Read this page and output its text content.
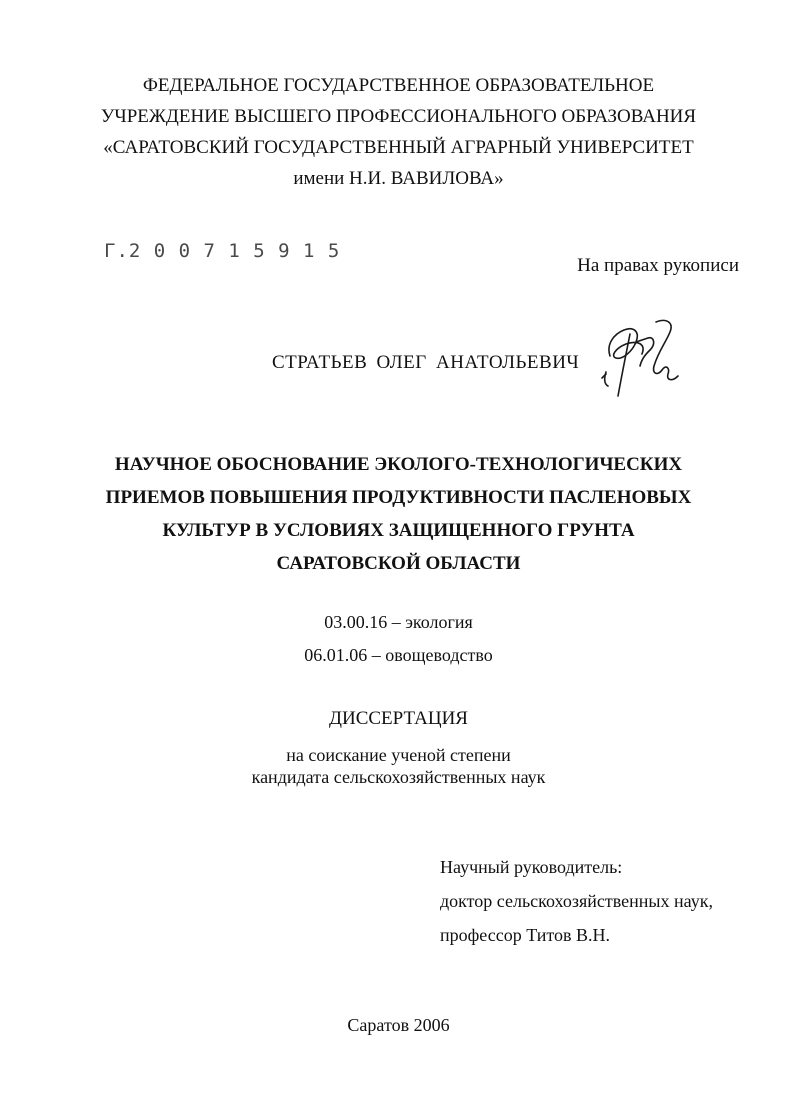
ФЕДЕРАЛЬНОЕ ГОСУДАРСТВЕННОЕ ОБРАЗОВАТЕЛЬНОЕ
УЧРЕЖДЕНИЕ ВЫСШЕГО ПРОФЕССИОНАЛЬНОГО ОБРАЗОВАНИЯ
«САРАТОВСКИЙ ГОСУДАРСТВЕННЫЙ АГРАРНЫЙ УНИВЕРСИТЕТ
имени Н.И. ВАВИЛОВА»
Г.2 0 0 7 1 5 9 1 5
На правах рукописи
СТРАТЬЕВ ОЛЕГ АНАТОЛЬЕВИЧ
НАУЧНОЕ ОБОСНОВАНИЕ ЭКОЛОГО-ТЕХНОЛОГИЧЕСКИХ
ПРИЕМОВ ПОВЫШЕНИЯ ПРОДУКТИВНОСТИ ПАСЛЕНОВЫХ
КУЛЬТУР В УСЛОВИЯХ ЗАЩИЩЕННОГО ГРУНТА
САРАТОВСКОЙ ОБЛАСТИ
03.00.16 – экология
06.01.06 – овощеводство
ДИССЕРТАЦИЯ
на соискание ученой степени
кандидата сельскохозяйственных наук
Научный руководитель:
доктор сельскохозяйственных наук,
профессор Титов В.Н.
Саратов 2006
